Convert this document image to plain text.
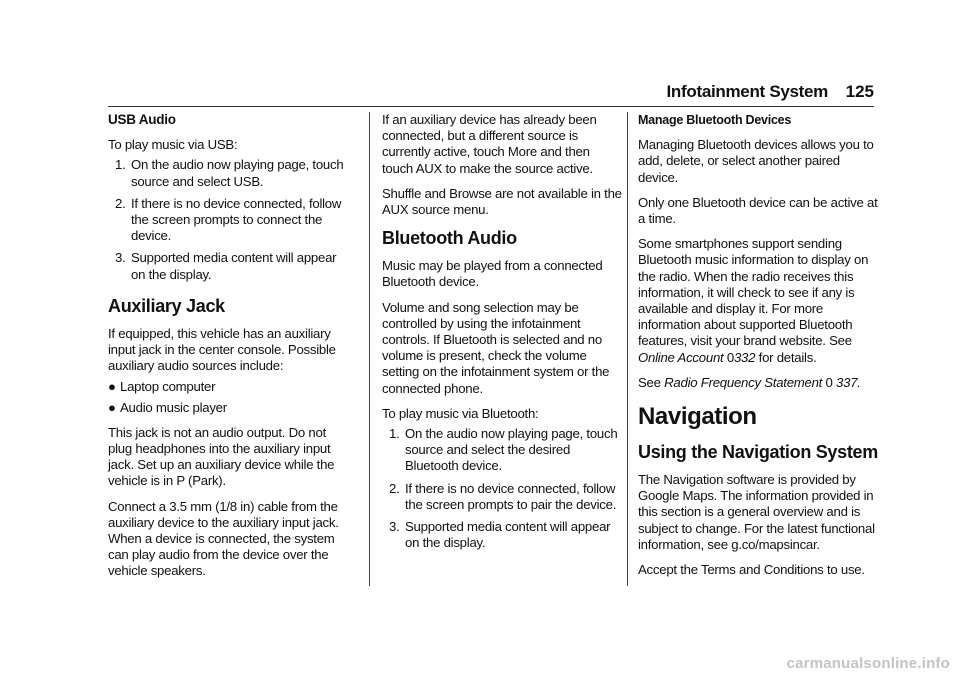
Infotainment System 125
USB Audio

To play music via USB:

1. On the audio now playing page, touch source and select USB.
2. If there is no device connected, follow the screen prompts to connect the device.
3. Supported media content will appear on the display.
Auxiliary Jack

If equipped, this vehicle has an auxiliary input jack in the center console. Possible auxiliary audio sources include:

● Laptop computer
● Audio music player

This jack is not an audio output. Do not plug headphones into the auxiliary input jack. Set up an auxiliary device while the vehicle is in P (Park).

Connect a 3.5 mm (1/8 in) cable from the auxiliary device to the auxiliary input jack. When a device is connected, the system can play audio from the device over the vehicle speakers.

If an auxiliary device has already been connected, but a different source is currently active, touch More and then touch AUX to make the source active.

Shuffle and Browse are not available in the AUX source menu.

Bluetooth Audio

Music may be played from a connected Bluetooth device.

Volume and song selection may be controlled by using the infotainment controls. If Bluetooth is selected and no volume is present, check the volume setting on the infotainment system or the connected phone.

To play music via Bluetooth:

1. On the audio now playing page, touch source and select the desired Bluetooth device.
2. If there is no device connected, follow the screen prompts to pair the device.
3. Supported media content will appear on the display.
Manage Bluetooth Devices

Managing Bluetooth devices allows you to add, delete, or select another paired device.

Only one Bluetooth device can be active at a time.

Some smartphones support sending Bluetooth music information to display on the radio. When the radio receives this information, it will check to see if any is available and display it. For more information about supported Bluetooth features, visit your brand website. See Online Account 0332 for details.

See Radio Frequency Statement 0 337.

Navigation
Using the Navigation System

The Navigation software is provided by Google Maps. The information provided in this section is a general overview and is subject to change. For the latest functional information, see g.co/mapsincar.

Accept the Terms and Conditions to use.

carmanualsonline.info
